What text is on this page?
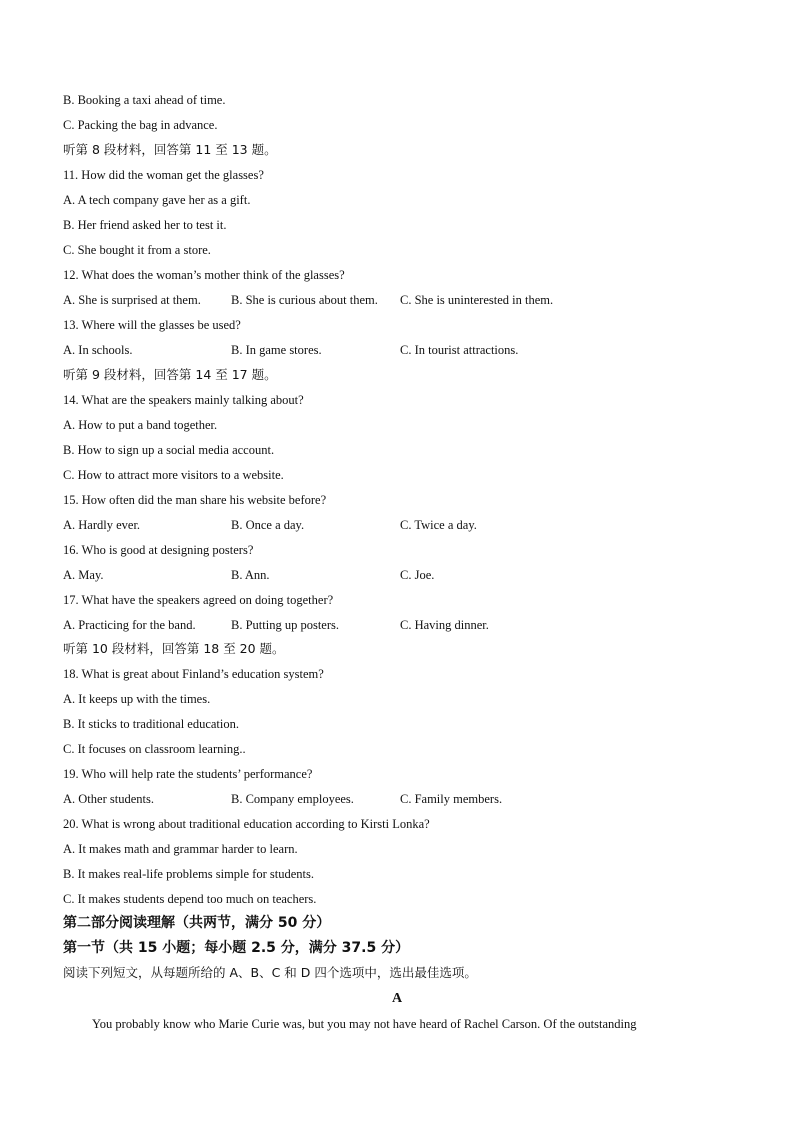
B. Booking a taxi ahead of time.
C. Packing the bag in advance.
听第 8 段材料，回答第 11 至 13 题。
11. How did the woman get the glasses?
A. A tech company gave her as a gift.
B. Her friend asked her to test it.
C. She bought it from a store.
12. What does the woman’s mother think of the glasses?
A. She is surprised at them. B. She is curious about them. C. She is uninterested in them.
13. Where will the glasses be used?
A. In schools.	B. In game stores.	C. In tourist attractions.
听第 9 段材料，回答第 14 至 17 题。
14. What are the speakers mainly talking about?
A. How to put a band together.
B. How to sign up a social media account.
C. How to attract more visitors to a website.
15. How often did the man share his website before?
A. Hardly ever.	B. Once a day.	C. Twice a day.
16. Who is good at designing posters?
A. May.	B. Ann.	C. Joe.
17. What have the speakers agreed on doing together?
A. Practicing for the band.	B. Putting up posters.	C. Having dinner.
听第 10 段材料，回答第 18 至 20 题。
18. What is great about Finland’s education system?
A. It keeps up with the times.
B. It sticks to traditional education.
C. It focuses on classroom learning..
19. Who will help rate the students’ performance?
A. Other students.	B. Company employees.	C. Family members.
20. What is wrong about traditional education according to Kirsti Lonka?
A. It makes math and grammar harder to learn.
B. It makes real-life problems simple for students.
C. It makes students depend too much on teachers.
第二部分阅读理解（共两节，满分 50 分）
第一节（共 15 小题；每小题 2.5 分，满分 37.5 分）
阅读下列短文，从每题所给的 A、B、C 和 D 四个选项中，选出最佳选项。
A
You probably know who Marie Curie was, but you may not have heard of Rachel Carson. Of the outstanding
